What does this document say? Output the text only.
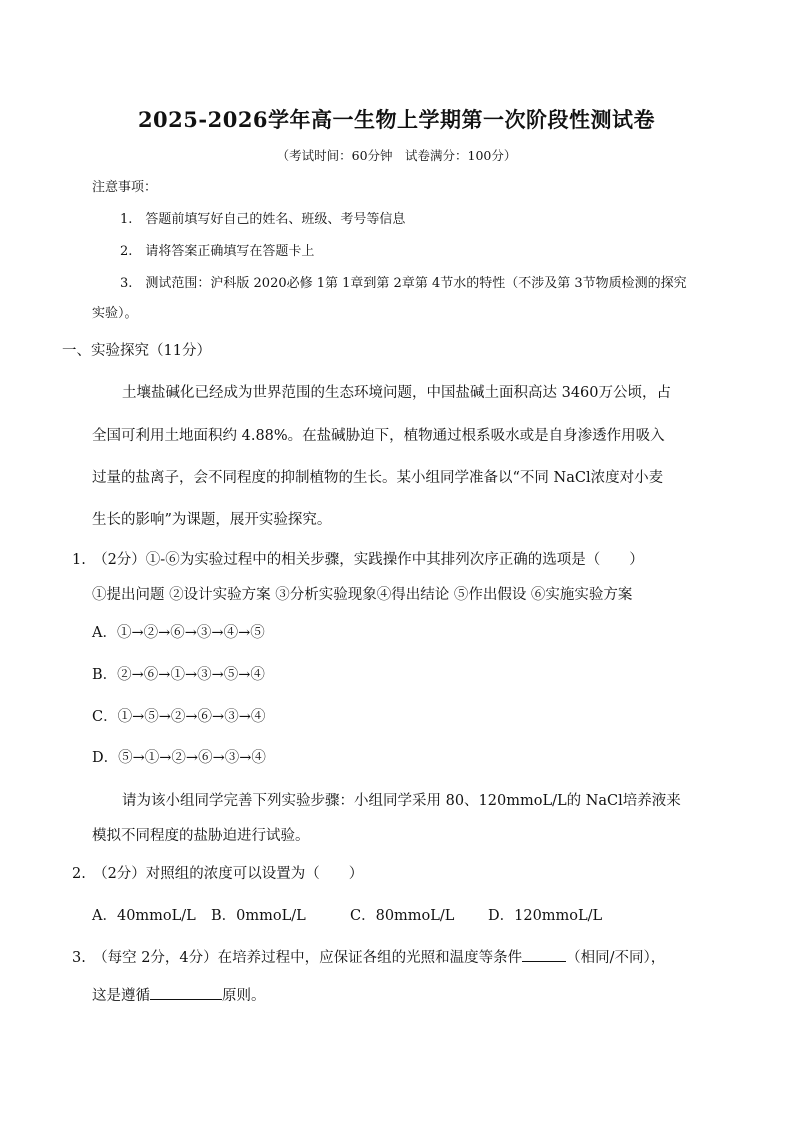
2025-2026学年高一生物上学期第一次阶段性测试卷
（考试时间：60分钟　试卷满分：100分）
注意事项：
1.　答题前填写好自己的姓名、班级、考号等信息
2.　请将答案正确填写在答题卡上
3.　测试范围：沪科版 2020必修 1第 1章到第 2章第 4节水的特性（不涉及第 3节物质检测的探究
实验）。
一、实验探究（11分）
土壤盐碱化已经成为世界范围的生态环境问题，中国盐碱土面积高达 3460万公顷，占
全国可利用土地面积约 4.88%。在盐碱胁迫下，植物通过根系吸水或是自身渗透作用吸入
过量的盐离子，会不同程度的抑制植物的生长。某小组同学准备以“不同 NaCl浓度对小麦
生长的影响”为课题，展开实验探究。
1.　（2分）①-⑥为实验过程中的相关步骤，实践操作中其排列次序正确的选项是（　　）
①提出问题 ②设计实验方案 ③分析实验现象④得出结论 ⑤作出假设 ⑥实施实验方案
A．①→②→⑥→③→④→⑤
B．②→⑥→①→③→⑤→④
C．①→⑤→②→⑥→③→④
D．⑤→①→②→⑥→③→④
请为该小组同学完善下列实验步骤：小组同学采用 80、120mmoL/L的 NaCl培养液来
模拟不同程度的盐胁迫进行试验。
2.　（2分）对照组的浓度可以设置为（　　）
A．40mmoL/L B．0mmoL/L	C．80mmoL/L D．120mmoL/L
3.　（每空 2分，4分）在培养过程中，应保证各组的光照和温度等条件	（相同/不同），
这是遵循	原则。
